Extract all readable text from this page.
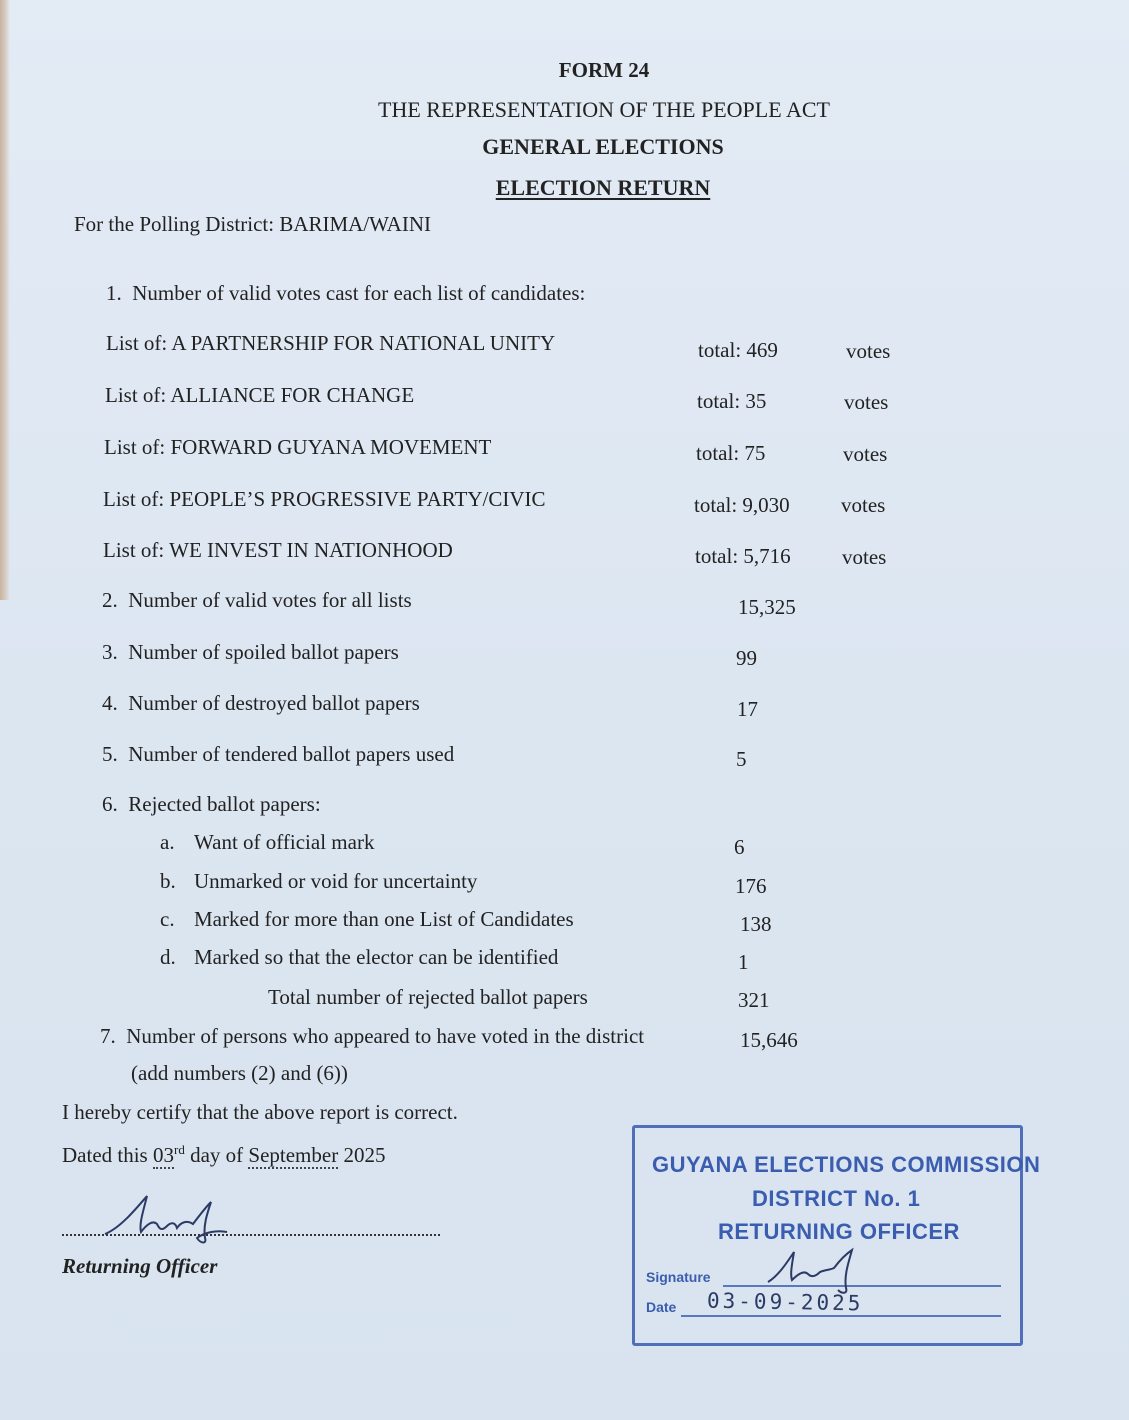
FORM 24
THE REPRESENTATION OF THE PEOPLE ACT
GENERAL ELECTIONS
ELECTION RETURN
For the Polling District: BARIMA/WAINI
1.  Number of valid votes cast for each list of candidates:
List of: A PARTNERSHIP FOR NATIONAL UNITY	total: 469	votes
List of: ALLIANCE FOR CHANGE	total: 35	votes
List of: FORWARD GUYANA MOVEMENT	total: 75	votes
List of: PEOPLE’S PROGRESSIVE PARTY/CIVIC	total: 9,030 votes
List of: WE INVEST IN NATIONHOOD	total: 5,716 votes
2.  Number of valid votes for all lists	15,325
3.  Number of spoiled ballot papers	99
4.  Number of destroyed ballot papers	17
5.  Number of tendered ballot papers used	5
6.  Rejected ballot papers:
a. Want of official mark	6
b. Unmarked or void for uncertainty	176
c. Marked for more than one List of Candidates	138
d. Marked so that the elector can be identified	1
Total number of rejected ballot papers	321
7.  Number of persons who appeared to have voted in the district	15,646
(add numbers (2) and (6))
I hereby certify that the above report is correct.
Dated this 03rd day of September 2025
Returning Officer
GUYANA ELECTIONS COMMISSION
DISTRICT No. 1
RETURNING OFFICER
Signature
Date 03-09-2025
